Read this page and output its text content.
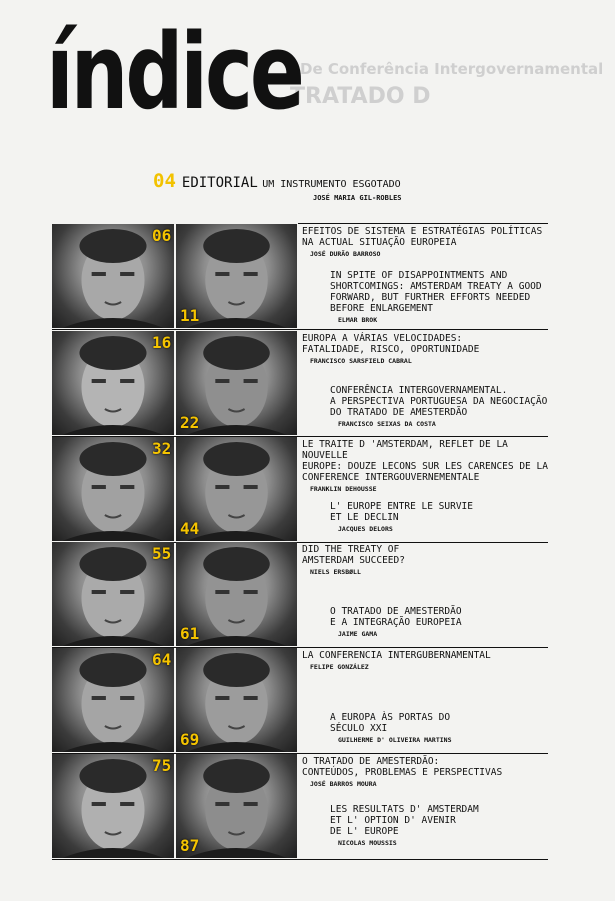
De Conferência Intergovernamental
TRATADO D
índice
04 EDITORIAL UM INSTRUMENTO ESGOTADO
JOSÉ MARIA GIL-ROBLES
06
11
EFEITOS DE SISTEMA E ESTRATÉGIAS POLÍTICAS
NA ACTUAL SITUAÇÃO EUROPEIA
JOSÉ DURÃO BARROSO
IN SPITE OF DISAPPOINTMENTS AND
SHORTCOMINGS: AMSTERDAM TREATY A GOOD
FORWARD, BUT FURTHER EFFORTS NEEDED
BEFORE ENLARGEMENT
ELMAR BROK
16
22
EUROPA A VÁRIAS VELOCIDADES:
FATALIDADE, RISCO, OPORTUNIDADE
FRANCISCO SARSFIELD CABRAL
CONFERÊNCIA INTERGOVERNAMENTAL.
A PERSPECTIVA PORTUGUESA DA NEGOCIAÇÃO
DO TRATADO DE AMESTERDÃO
FRANCISCO SEIXAS DA COSTA
32
44
LE TRAITE D 'AMSTERDAM, REFLET DE LA NOUVELLE
EUROPE: DOUZE LECONS SUR LES CARENCES DE LA
CONFERENCE INTERGOUVERNEMENTALE
FRANKLIN DEHOUSSE
L' EUROPE ENTRE LE SURVIE
ET LE DECLIN
JACQUES DELORS
55
61
DID THE TREATY OF
AMSTERDAM SUCCEED?
NIELS ERSBØLL
O TRATADO DE AMESTERDÃO
E A INTEGRAÇÃO EUROPEIA
JAIME GAMA
64
69
LA CONFERENCIA INTERGUBERNAMENTAL
FELIPE GONZÁLEZ
A EUROPA ÀS PORTAS DO
SÉCULO XXI
GUILHERME D' OLIVEIRA MARTINS
75
87
O TRATADO DE AMESTERDÃO:
CONTEÚDOS, PROBLEMAS E PERSPECTIVAS
JOSÉ BARROS MOURA
LES RESULTATS D' AMSTERDAM
ET L' OPTION D' AVENIR
DE L' EUROPE
NICOLAS MOUSSIS
